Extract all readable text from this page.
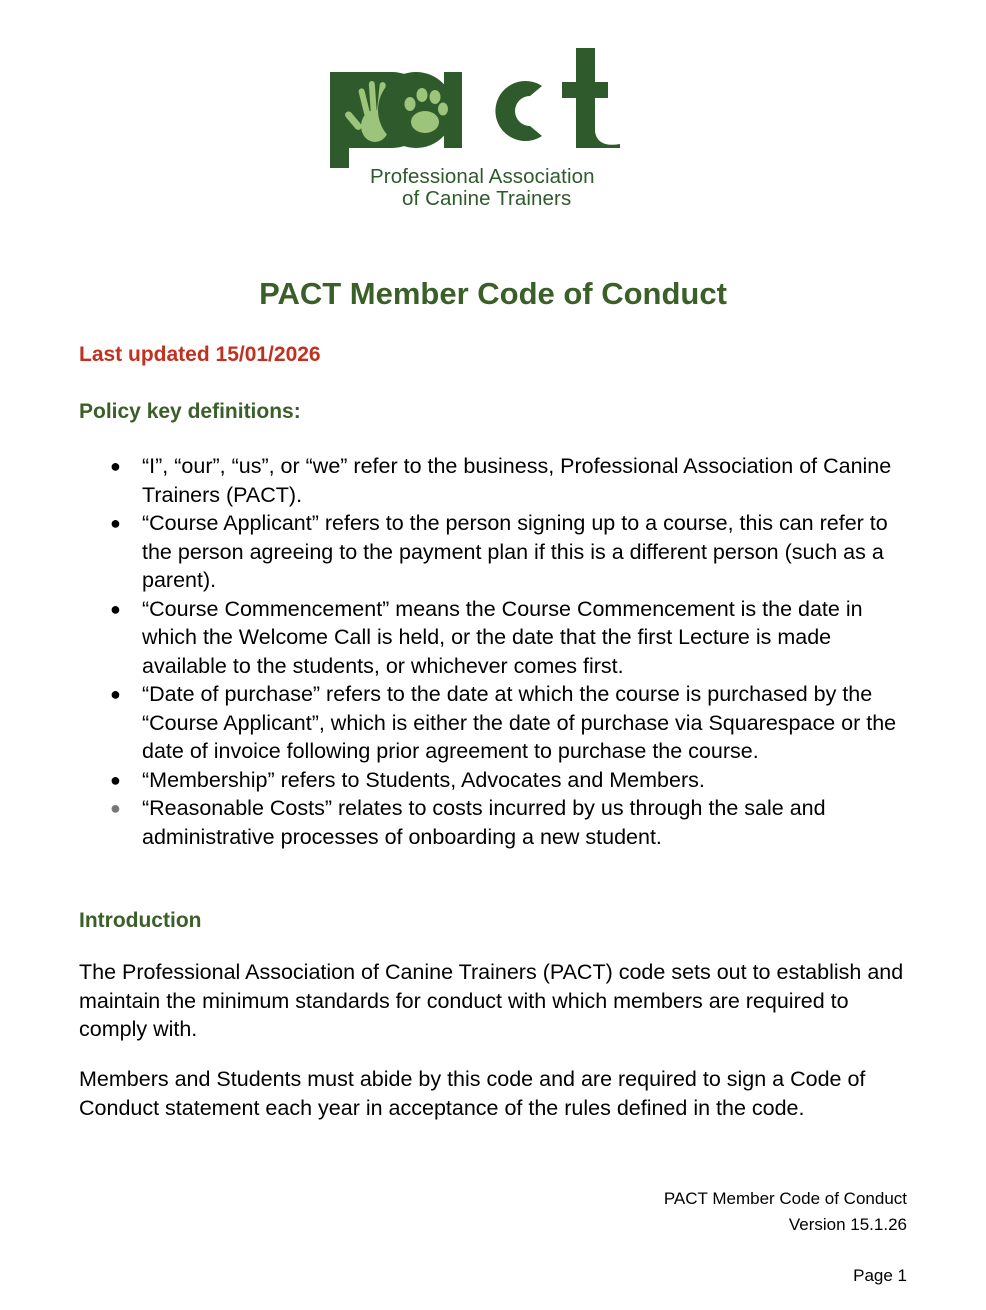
Professional Association
of Canine Trainers
PACT Member Code of Conduct

Last updated 15/01/2026

Policy key definitions:
● “I”, “our”, “us”, or “we” refer to the business, Professional Association of Canine Trainers (PACT).
● “Course Applicant” refers to the person signing up to a course, this can refer to the person agreeing to the payment plan if this is a different person (such as a parent).
● “Course Commencement” means the Course Commencement is the date in which the Welcome Call is held, or the date that the first Lecture is made available to the students, or whichever comes first.
● “Date of purchase” refers to the date at which the course is purchased by the “Course Applicant”, which is either the date of purchase via Squarespace or the date of invoice following prior agreement to purchase the course.
● “Membership” refers to Students, Advocates and Members.
● “Reasonable Costs” relates to costs incurred by us through the sale and administrative processes of onboarding a new student.
Introduction

The Professional Association of Canine Trainers (PACT) code sets out to establish and maintain the minimum standards for conduct with which members are required to comply with.

Members and Students must abide by this code and are required to sign a Code of Conduct statement each year in acceptance of the rules defined in the code.

PACT Member Code of Conduct

Version 15.1.26

Page 1
